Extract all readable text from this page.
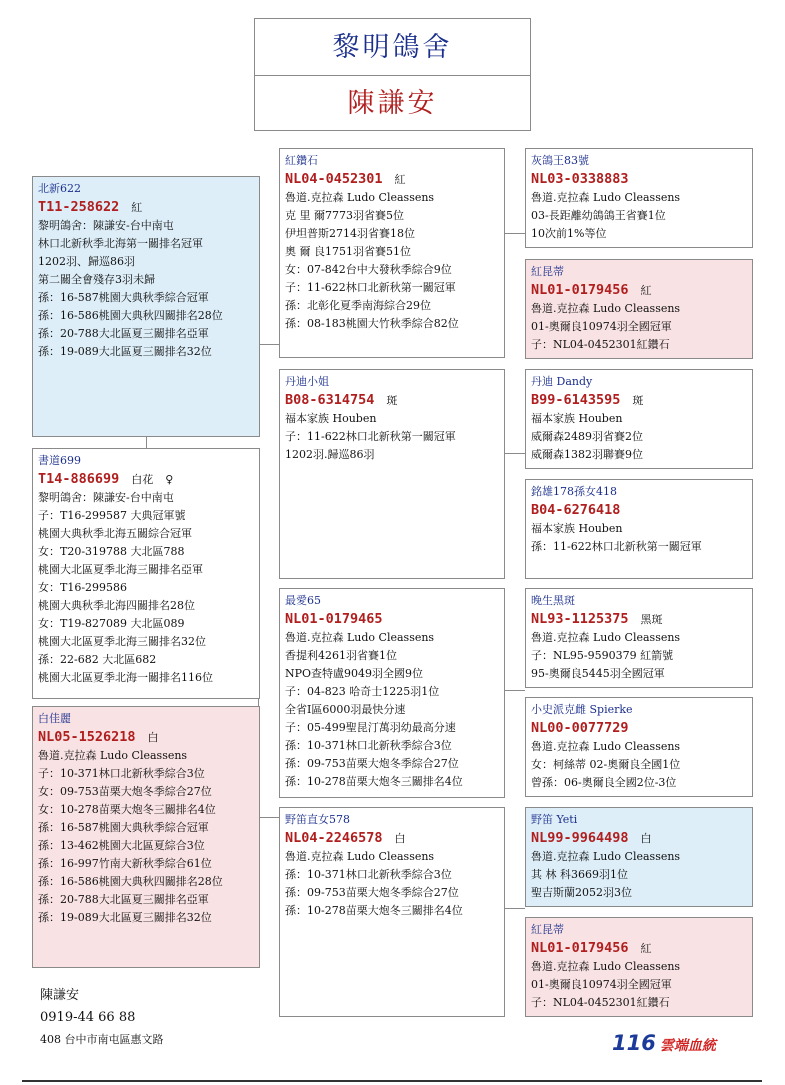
黎明鴿舍
陳謙安
北新622
T11-258622 紅
黎明鴿舍：陳謙安-台中南屯
林口北新秋季北海第一關排名冠軍
1202羽、歸巡86羽
第二關全會殘存3羽未歸
孫：16-587桃園大典秋季綜合冠軍
孫：16-586桃園大典秋四關排名28位
孫：20-788大北區夏三關排名亞軍
孫：19-089大北區夏三關排名32位
書道699
T14-886699 白花 ♀
黎明鴿舍：陳謙安-台中南屯
子：T16-299587 大典冠軍號
桃園大典秋季北海五關綜合冠軍
女：T20-319788 大北區788
桃園大北區夏季北海三關排名亞軍
女：T16-299586
桃園大典秋季北海四關排名28位
女：T19-827089 大北區089
桃園大北區夏季北海三關排名32位
孫：22-682 大北區682
桃園大北區夏季北海一關排名116位
白佳麗
NL05-1526218 白
魯道.克拉森 Ludo Cleassens
子：10-371林口北新秋季綜合3位
女：09-753苗栗大炮冬季綜合27位
女：10-278苗栗大炮冬三關排名4位
孫：16-587桃園大典秋季綜合冠軍
孫：13-462桃園大北區夏綜合3位
孫：16-997竹南大新秋季綜合61位
孫：16-586桃園大典秋四關排名28位
孫：20-788大北區夏三關排名亞軍
孫：19-089大北區夏三關排名32位
紅鑽石
NL04-0452301 紅
魯道.克拉森 Ludo Cleassens
克 里 爾7773羽省賽5位
伊坦普斯2714羽省賽18位
奧 爾 良1751羽省賽51位
女：07-842台中大發秋季綜合9位
子：11-622林口北新秋第一關冠軍
孫：北彰化夏季南海綜合29位
孫：08-183桃園大竹秋季綜合82位
丹迪小姐
B08-6314754 斑
福本家族 Houben
子：11-622林口北新秋第一關冠軍
1202羽.歸巡86羽
最愛65
NL01-0179465
魯道.克拉森 Ludo Cleassens
香提利4261羽省賽1位
NPO查特盧9049羽全國9位
子：04-823 哈奇士1225羽1位
全省I區6000羽最快分速
子：05-499聖昆汀萬羽幼最高分速
孫：10-371林口北新秋季綜合3位
孫：09-753苗栗大炮冬季綜合27位
孫：10-278苗栗大炮冬三關排名4位
野笛直女578
NL04-2246578 白
魯道.克拉森 Ludo Cleassens
孫：10-371林口北新秋季綜合3位
孫：09-753苗栗大炮冬季綜合27位
孫：10-278苗栗大炮冬三關排名4位
灰鴿王83號
NL03-0338883
魯道.克拉森 Ludo Cleassens
03-長距離幼鴿鴿王省賽1位
10次前1%等位
紅昆蒂
NL01-0179456 紅
魯道.克拉森 Ludo Cleassens
01-奧爾良10974羽全國冠軍
子：NL04-0452301紅鑽石
丹迪 Dandy
B99-6143595 斑
福本家族 Houben
威爾森2489羽省賽2位
威爾森1382羽聯賽9位
銘雄178孫女418
B04-6276418
福本家族 Houben
孫：11-622林口北新秋第一關冠軍
晚生黑斑
NL93-1125375 黑斑
魯道.克拉森 Ludo Cleassens
子：NL95-9590379 紅箭號
95-奧爾良5445羽全國冠軍
小史派克雌 Spierke
NL00-0077729
魯道.克拉森 Ludo Cleassens
女：柯絲蒂 02-奧爾良全國1位
曾孫：06-奧爾良全國2位-3位
野笛 Yeti
NL99-9964498 白
魯道.克拉森 Ludo Cleassens
其 林 科3669羽1位
聖吉斯蘭2052羽3位
紅昆蒂
NL01-0179456 紅
魯道.克拉森 Ludo Cleassens
01-奧爾良10974羽全國冠軍
子：NL04-0452301紅鑽石
陳謙安
0919-44 66 88
408 台中市南屯區惠文路	116 雲端血統
